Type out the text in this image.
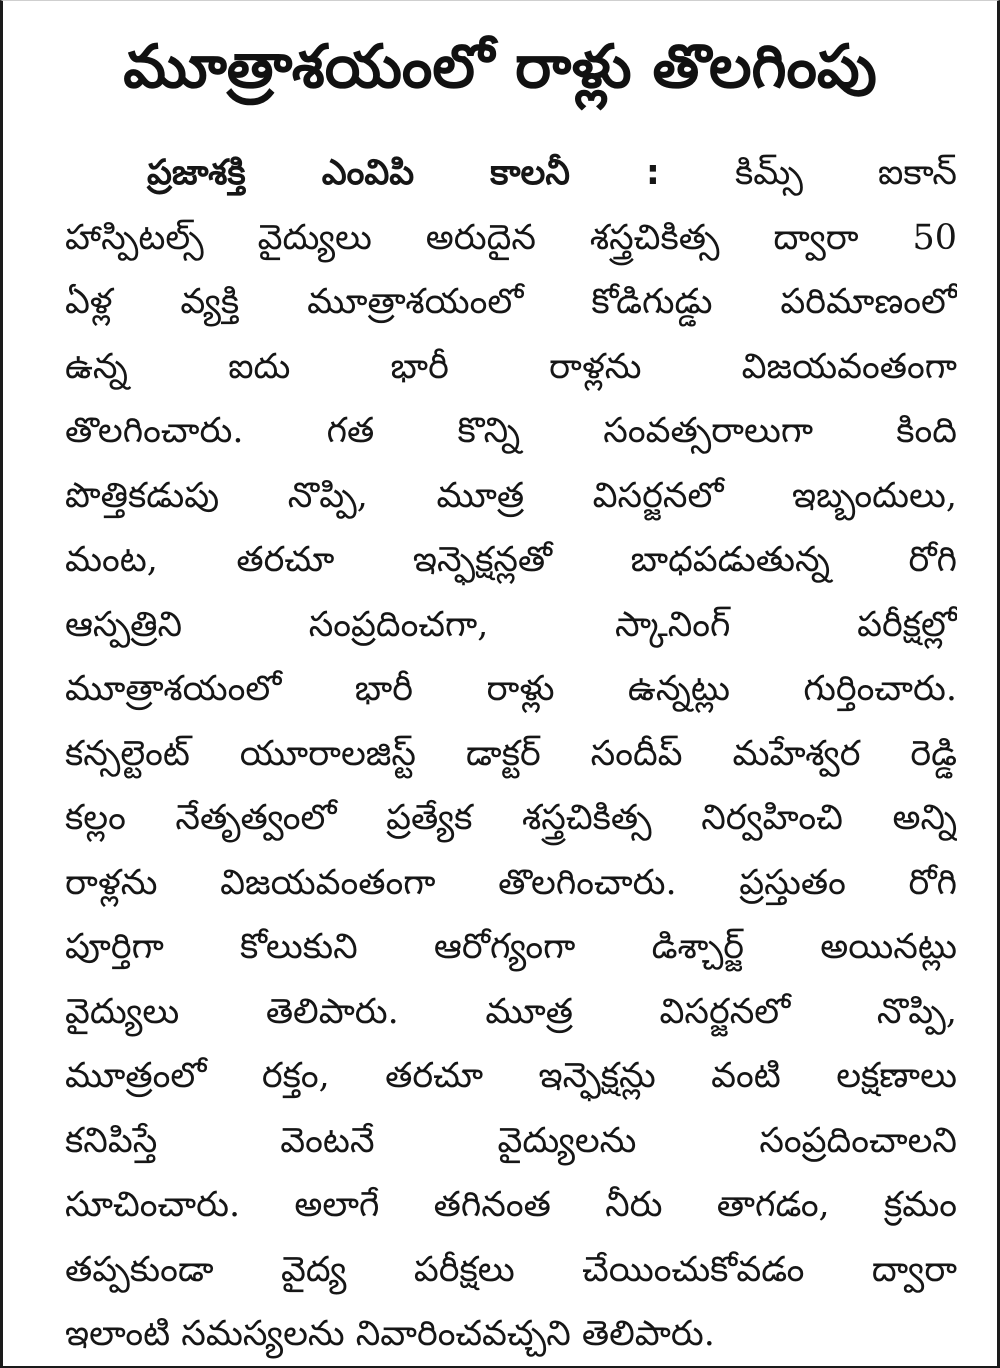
మూత్రాశయంలో రాళ్లు తొలగింపు
ప్రజాశక్తి ఎంవిపి కాలనీ : కిమ్స్ ఐకాన్
హాస్పిటల్స్ వైద్యులు అరుదైన శస్త్రచికిత్స ద్వారా 50
ఏళ్ల వ్యక్తి మూత్రాశయంలో కోడిగుడ్డు పరిమాణంలో
ఉన్న ఐదు భారీ రాళ్లను విజయవంతంగా
తొలగించారు. గత కొన్ని సంవత్సరాలుగా కింది
పొత్తికడుపు నొప్పి, మూత్ర విసర్జనలో ఇబ్బందులు,
మంట, తరచూ ఇన్ఫెక్షన్లతో బాధపడుతున్న రోగి
ఆస్పత్రిని సంప్రదించగా, స్కానింగ్ పరీక్షల్లో
మూత్రాశయంలో భారీ రాళ్లు ఉన్నట్లు గుర్తించారు.
కన్సల్టెంట్ యూరాలజిస్ట్ డాక్టర్ సందీప్ మహేశ్వర రెడ్డి
కల్లం నేతృత్వంలో ప్రత్యేక శస్త్రచికిత్స నిర్వహించి అన్ని
రాళ్లను విజయవంతంగా తొలగించారు. ప్రస్తుతం రోగి
పూర్తిగా కోలుకుని ఆరోగ్యంగా డిశ్చార్జ్ అయినట్లు
వైద్యులు తెలిపారు. మూత్ర విసర్జనలో నొప్పి,
మూత్రంలో రక్తం, తరచూ ఇన్ఫెక్షన్లు వంటి లక్షణాలు
కనిపిస్తే వెంటనే వైద్యులను సంప్రదించాలని
సూచించారు. అలాగే తగినంత నీరు తాగడం, క్రమం
తప్పకుండా వైద్య పరీక్షలు చేయించుకోవడం ద్వారా
ఇలాంటి సమస్యలను నివారించవచ్చని తెలిపారు.
